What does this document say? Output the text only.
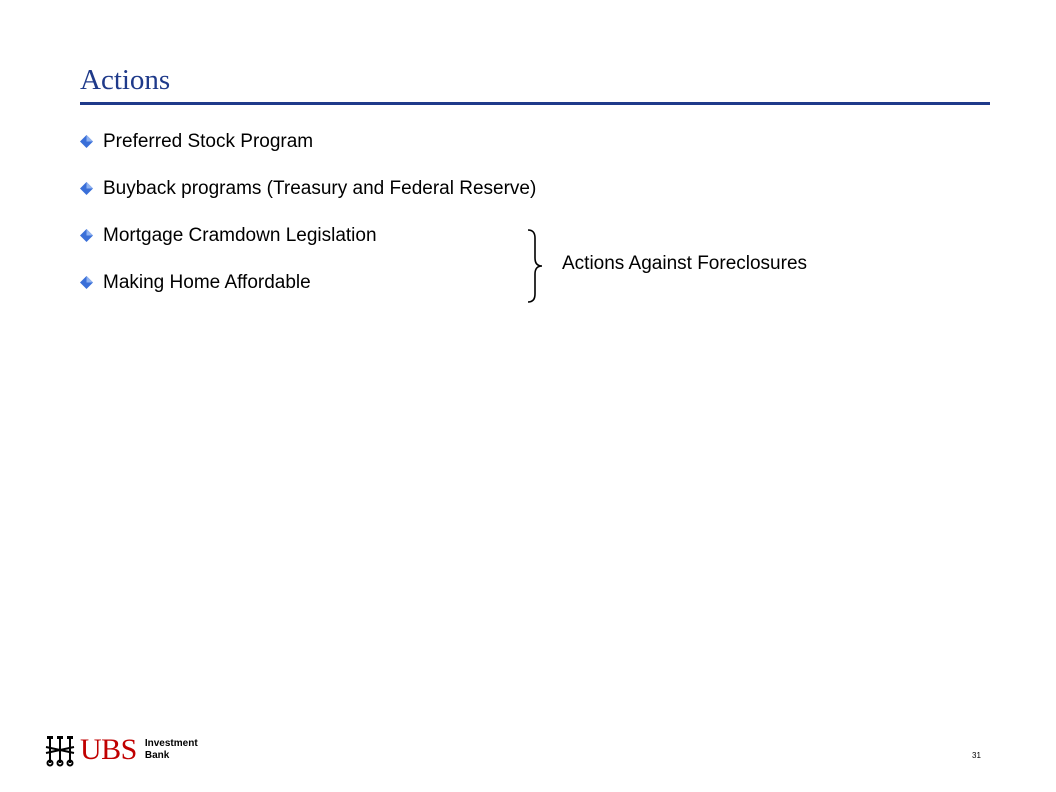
Actions
Preferred Stock Program
Buyback programs (Treasury and Federal Reserve)
Mortgage Cramdown Legislation
Making Home Affordable
Actions Against Foreclosures
UBS Investment
Bank	31
